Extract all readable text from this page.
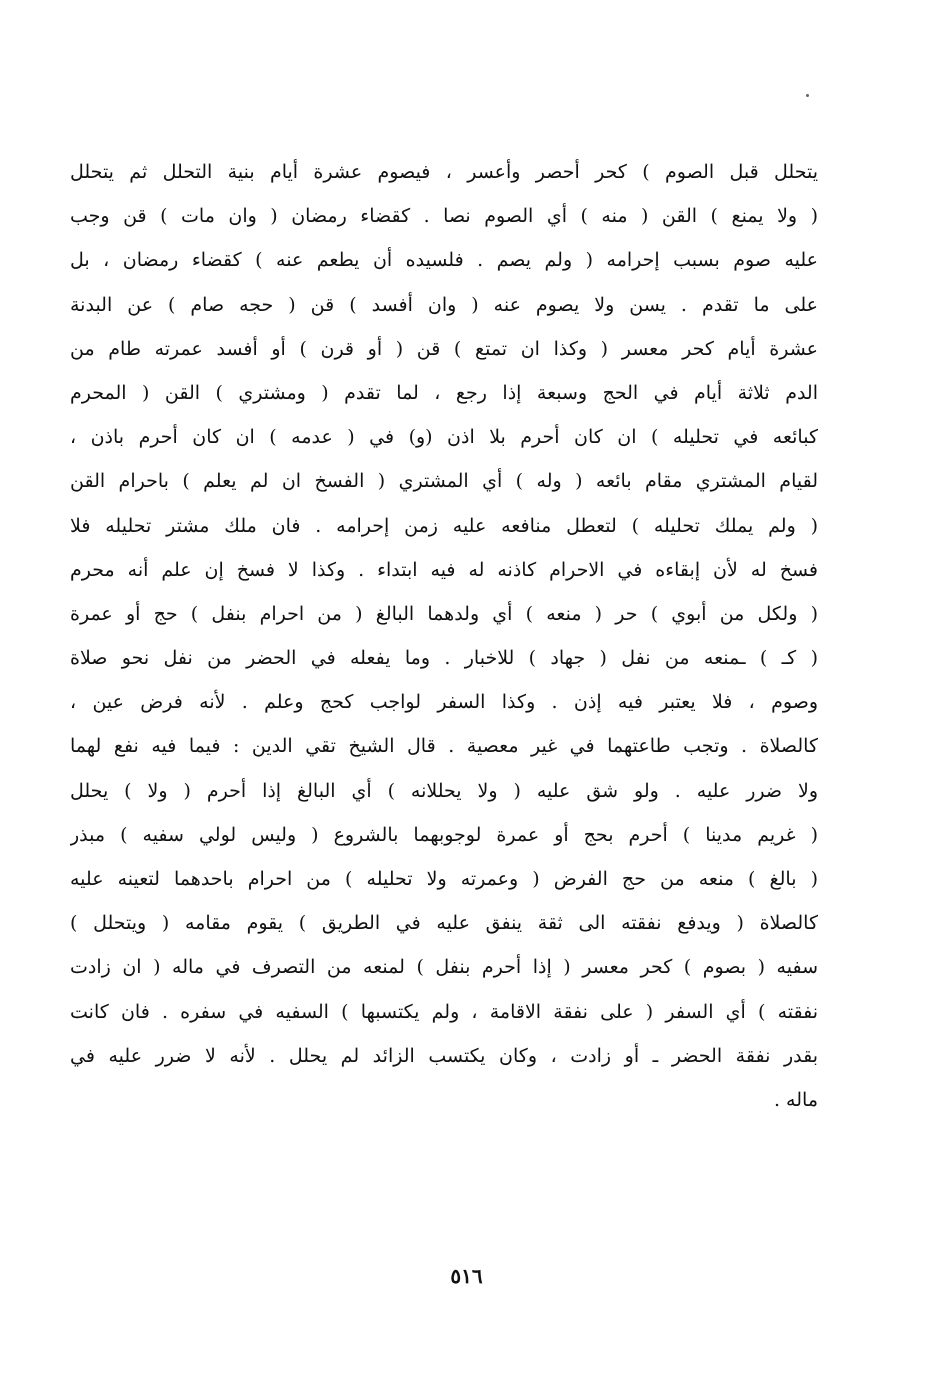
يتحلل قبل الصوم ) كحر أحصر وأعسر ، فيصوم عشرة أيام بنية التحلل ثم يتحلل
( ولا يمنع ) القن ( منه ) أي الصوم نصا . كقضاء رمضان ( وان مات ) قن وجب
عليه صوم بسبب إحرامه ( ولم يصم . فلسيده أن يطعم عنه ) كقضاء رمضان ، بل
على ما تقدم . يسن ولا يصوم عنه ( وان أفسد ) قن ( حجه صام ) عن البدنة
عشرة أيام كحر معسر ( وكذا ان تمتع ) قن ( أو قرن ) أو أفسد عمرته طام من
الدم ثلاثة أيام في الحج وسبعة إذا رجع ، لما تقدم ( ومشتري ) القن ( المحرم
كبائعه في تحليله ) ان كان أحرم بلا اذن (و) في ( عدمه ) ان كان أحرم باذن ،
لقيام المشتري مقام بائعه ( وله ) أي المشتري ( الفسخ ان لم يعلم ) باحرام القن
( ولم يملك تحليله ) لتعطل منافعه عليه زمن إحرامه . فان ملك مشتر تحليله فلا
فسخ له لأن إبقاءه في الاحرام كاذنه له فيه ابتداء . وكذا لا فسخ إن علم أنه محرم
( ولكل من أبوي ) حر ( منعه ) أي ولدهما البالغ ( من احرام بنفل ) حج أو عمرة
( كـ ) ـمنعه من نفل ( جهاد ) للاخبار . وما يفعله في الحضر من نفل نحو صلاة
وصوم ، فلا يعتبر فيه إذن . وكذا السفر لواجب كحج وعلم . لأنه فرض عين ،
كالصلاة . وتجب طاعتهما في غير معصية . قال الشيخ تقي الدين : فيما فيه نفع لهما
ولا ضرر عليه . ولو شق عليه ( ولا يحللانه ) أي البالغ إذا أحرم ( ولا ) يحلل
( غريم مدينا ) أحرم بحج أو عمرة لوجوبهما بالشروع ( وليس لولي سفيه ) مبذر
( بالغ ) منعه من حج الفرض ( وعمرته ولا تحليله ) من احرام باحدهما لتعينه عليه
كالصلاة ( ويدفع نفقته الى ثقة ينفق عليه في الطريق ) يقوم مقامه ( ويتحلل )
سفيه ( بصوم ) كحر معسر ( إذا أحرم بنفل ) لمنعه من التصرف في ماله ( ان زادت
نفقته ) أي السفر ( على نفقة الاقامة ، ولم يكتسبها ) السفيه في سفره . فان كانت
بقدر نفقة الحضر ـ أو زادت ، وكان يكتسب الزائد لم يحلل . لأنه لا ضرر عليه في
ماله .
٥١٦
